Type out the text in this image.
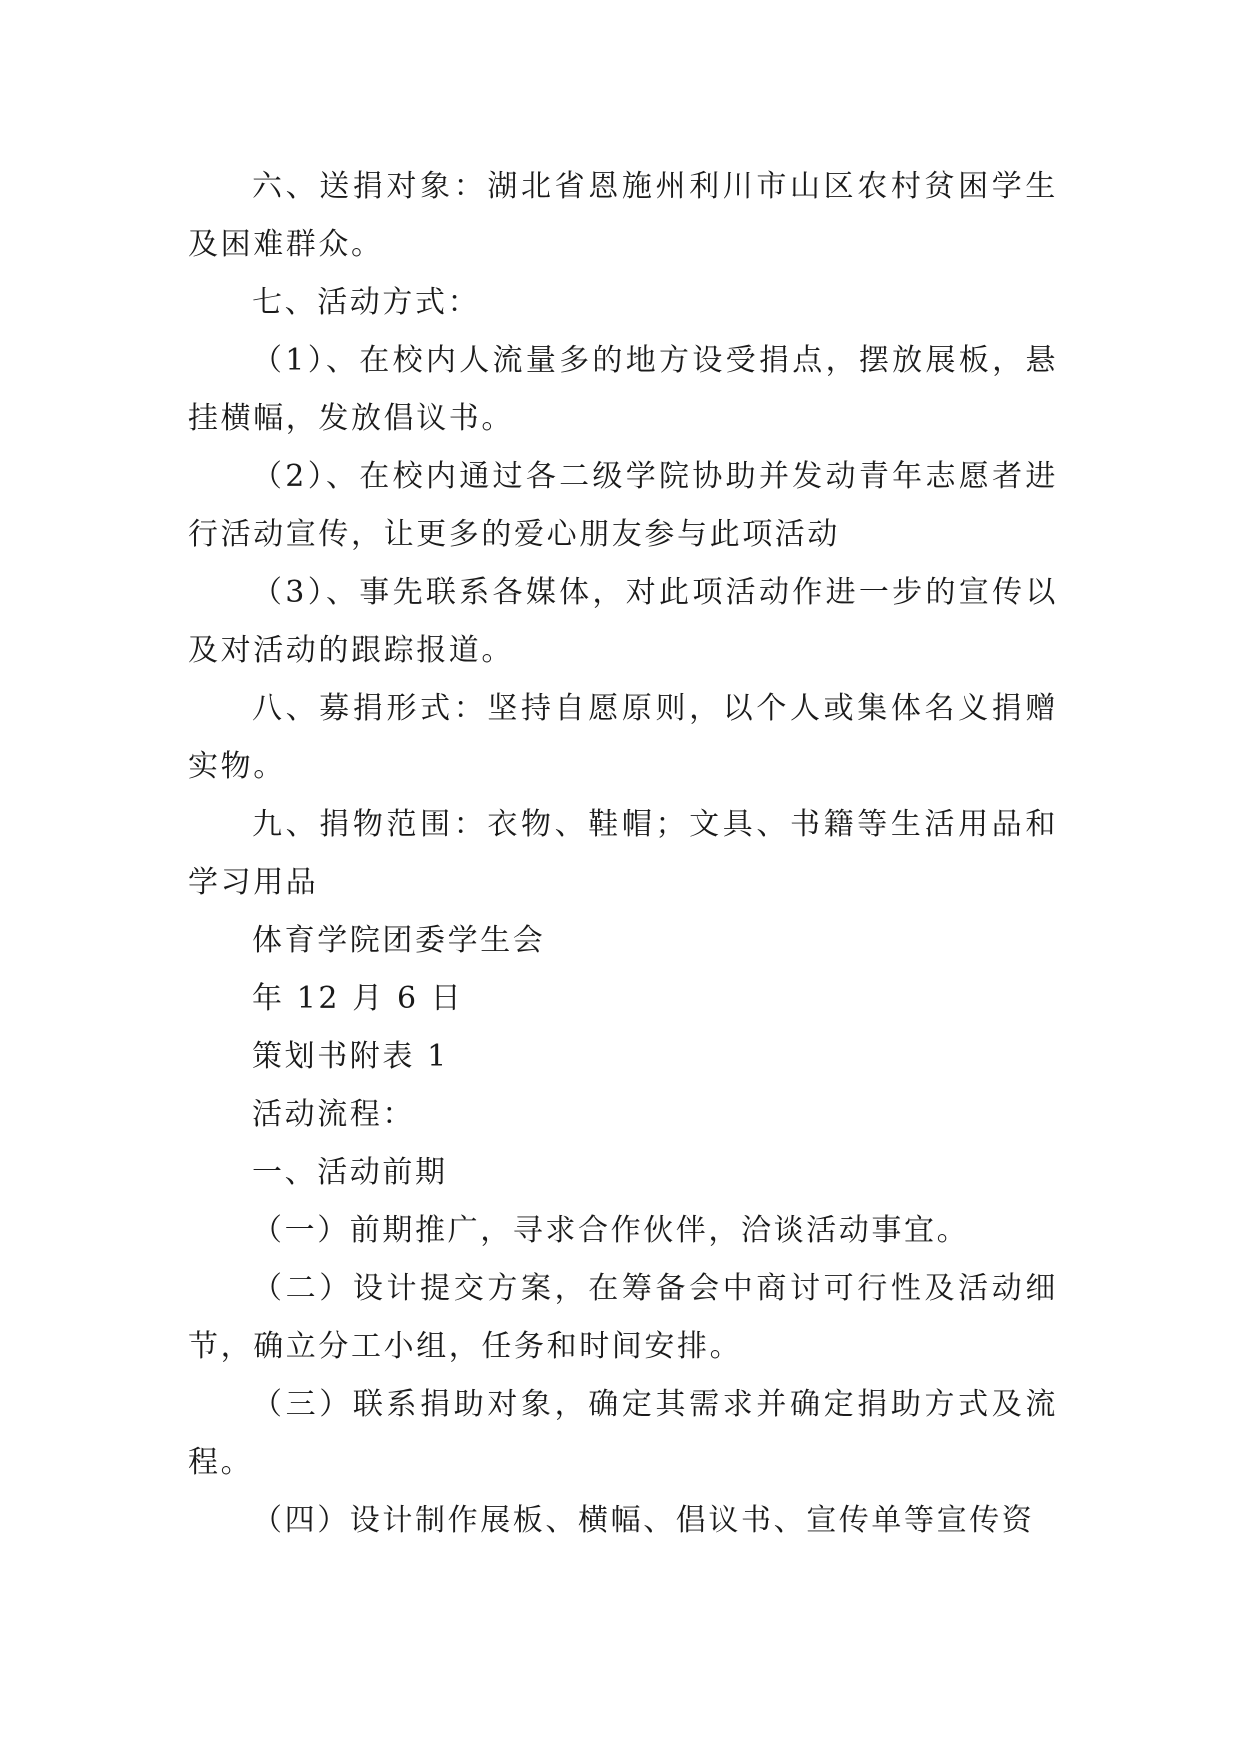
六、送捐对象：湖北省恩施州利川市山区农村贫困学生及困难群众。

七、活动方式：

（1）、在校内人流量多的地方设受捐点，摆放展板，悬挂横幅，发放倡议书。

（2）、在校内通过各二级学院协助并发动青年志愿者进行活动宣传，让更多的爱心朋友参与此项活动

（3）、事先联系各媒体，对此项活动作进一步的宣传以及对活动的跟踪报道。

八、募捐形式：坚持自愿原则，以个人或集体名义捐赠实物。

九、捐物范围：衣物、鞋帽；文具、书籍等生活用品和学习用品

体育学院团委学生会

年 12 月 6 日

策划书附表 1

活动流程：

一、活动前期

（一）前期推广，寻求合作伙伴，洽谈活动事宜。

（二）设计提交方案，在筹备会中商讨可行性及活动细节，确立分工小组，任务和时间安排。

（三）联系捐助对象，确定其需求并确定捐助方式及流程。

（四）设计制作展板、横幅、倡议书、宣传单等宣传资
